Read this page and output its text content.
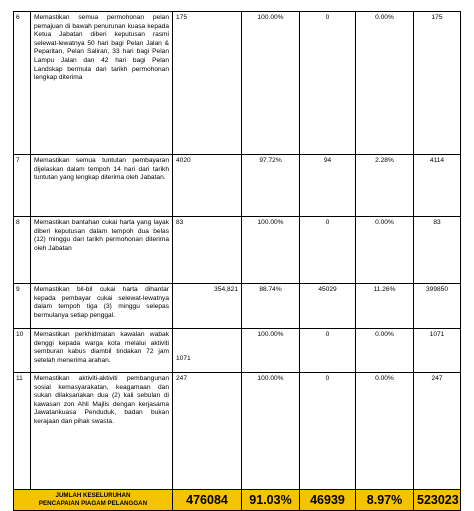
6	Memastikan semua permohonan pelan pemajuan di bawah penurunan kuasa kepada Ketua Jabatan diberi keputusan rasmi selewat-lewatnya 50 hari bagi Pelan Jalan & Peparitan, Pelan Saliran, 33 hari bagi Pelan Lampu Jalan dan 42 hari bagi Pelan Landskap bermula dari tarikh permohonan lengkap diterima	175	100.00%	0	0.00%	175
7	Memastikan semua tuntutan pembayaran dijelaskan dalam tempoh 14 hari dari tarikh tuntutan yang lengkap diterima oleh Jabatan.	4020	97.72%	94	2.28%	4114
8	Memastikan bantahan cukai harta yang layak diberi keputusan dalam tempoh dua belas (12) minggu dari tarikh permohonan diterima oleh Jabatan	83	100.00%	0	0.00%	83
9	Memastikan bil-bil cukai harta dihantar kepada pembayar cukai selewat-lewatnya dalam tempoh tiga (3) minggu selepas bermulanya setiap penggal.	354,821	88.74%	45029	11.26%	399850
10	Memastikan perkhidmatan kawalan wabak denggi kepada warga kota melalui aktiviti semburan kabus diambil tindakan 72 jam setelah menerima arahan.	1071	100.00%	0	0.00%	1071
11	Memastikan aktiviti-aktiviti pembangunan sosial kemasyarakatan, keagamaan dan sukan dilaksanakan dua (2) kali sebulan di kawasan zon Ahli Majlis dengan kerjasama Jawatankuasa Penduduk, badan bukan kerajaan dan pihak swasta.	247	100.00%	0	0.00%	247

JUMLAH KESELURUHAN
PENCAPAIAN PIAGAM PELANGGAN		476084	91.03%	46939	8.97%	523023
